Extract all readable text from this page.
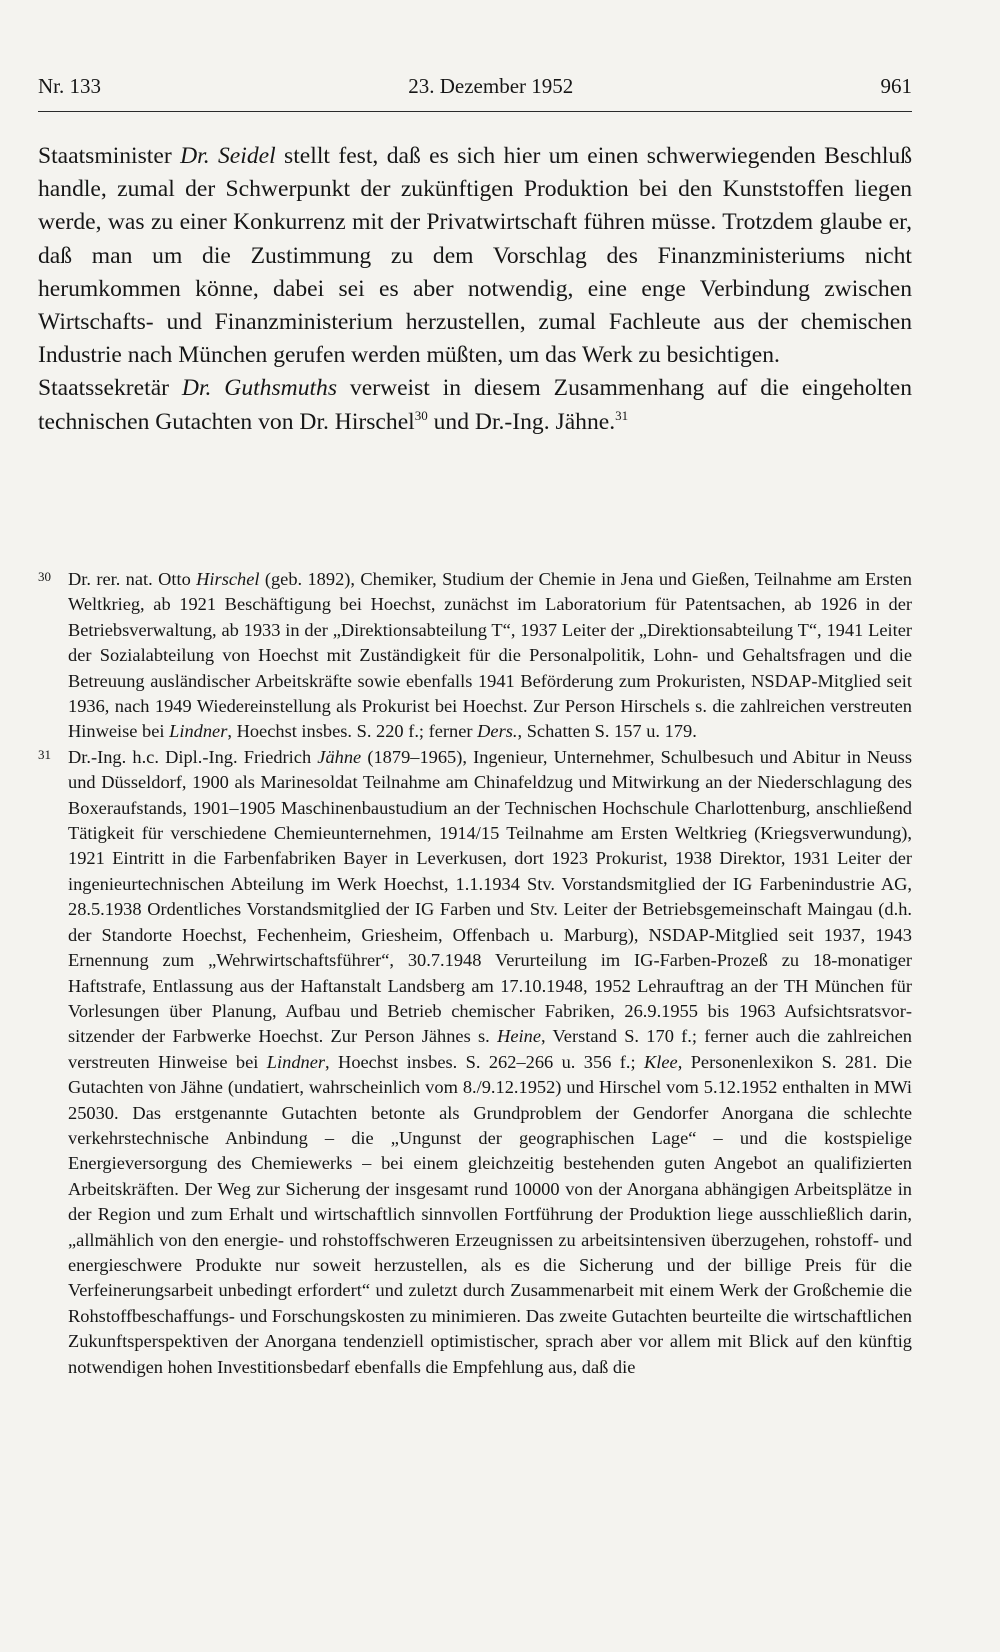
Nr. 133	23. Dezember 1952	961

Staatsminister Dr. Seidel stellt fest, daß es sich hier um einen schwerwiegenden Beschluß handle, zumal der Schwerpunkt der zukünftigen Produktion bei den Kunststoffen liegen werde, was zu einer Konkurrenz mit der Privatwirtschaft führen müsse. Trotzdem glaube er, daß man um die Zustimmung zu dem Vorschlag des Finanzministeriums nicht herumkommen könne, dabei sei es aber notwendig, eine enge Verbindung zwischen Wirtschafts- und Finanzministerium herzustellen, zumal Fachleute aus der chemischen Industrie nach München gerufen werden müßten, um das Werk zu besichtigen.

Staatssekretär Dr. Guthsmuths verweist in diesem Zusammenhang auf die eingeholten technischen Gutachten von Dr. Hirschel$^{30}$ und Dr.-Ing. Jähne.$^{31}$

30 Dr. rer. nat. Otto Hirschel (geb. 1892), Chemiker, Studium der Chemie in Jena und Gießen, Teilnahme am Ersten Weltkrieg, ab 1921 Beschäftigung bei Hoechst, zunächst im Laboratorium für Patentsachen, ab 1926 in der Betriebsverwaltung, ab 1933 in der „Direktionsabteilung T“, 1937 Leiter der „Direktionsabteilung T“, 1941 Leiter der Sozialabteilung von Hoechst mit Zuständigkeit für die Personalpolitik, Lohn- und Gehaltsfragen und die Betreuung ausländischer Arbeitskräfte sowie ebenfalls 1941 Beförderung zum Prokuristen, NSDAP-Mitglied seit 1936, nach 1949 Wiedereinstellung als Prokurist bei Hoechst. Zur Person Hirschels s. die zahlreichen verstreuten Hinweise bei Lindner, Hoechst insbes. S. 220 f.; ferner Ders., Schatten S. 157 u. 179.
31 Dr.-Ing. h.c. Dipl.-Ing. Friedrich Jähne (1879–1965), Ingenieur, Unternehmer, Schulbesuch und Abitur in Neuss und Düsseldorf, 1900 als Marinesoldat Teilnahme am Chinafeldzug und Mitwirkung an der Niederschlagung des Boxeraufstands, 1901–1905 Maschinenbaustudium an der Technischen Hochschule Charlottenburg, anschließend Tätigkeit für verschiedene Chemieunternehmen, 1914/15 Teilnahme am Ersten Weltkrieg (Kriegsverwundung), 1921 Eintritt in die Farbenfabriken Bayer in Leverkusen, dort 1923 Prokurist, 1938 Direktor, 1931 Leiter der ingenieurtechnischen Abteilung im Werk Hoechst, 1.1.1934 Stv. Vorstandsmitglied der IG Farbenindustrie AG, 28.5.1938 Ordentliches Vorstandsmitglied der IG Farben und Stv. Leiter der Betriebsgemeinschaft Maingau (d.h. der Standorte Hoechst, Fechenheim, Griesheim, Offenbach u. Marburg), NSDAP-Mitglied seit 1937, 1943 Ernennung zum „Wehrwirtschaftsführer“, 30.7.1948 Verurteilung im IG-Farben-Prozeß zu 18-monatiger Haftstrafe, Entlassung aus der Haftanstalt Landsberg am 17.10.1948, 1952 Lehrauftrag an der TH München für Vorlesungen über Planung, Aufbau und Betrieb chemischer Fabriken, 26.9.1955 bis 1963 Aufsichtsratsvorsitzender der Farbwerke Hoechst. Zur Person Jähnes s. Heine, Verstand S. 170 f.; ferner auch die zahlreichen verstreuten Hinweise bei Lindner, Hoechst insbes. S. 262–266 u. 356 f.; Klee, Personenlexikon S. 281. Die Gutachten von Jähne (undatiert, wahrscheinlich vom 8./9.12.1952) und Hirschel vom 5.12.1952 enthalten in MWi 25030. Das erstgenannte Gutachten betonte als Grundproblem der Gendorfer Anorgana die schlechte verkehrstechnische Anbindung – die „Ungunst der geographischen Lage“ – und die kostspielige Energieversorgung des Chemiewerks – bei einem gleichzeitig bestehenden guten Angebot an qualifizierten Arbeitskräften. Der Weg zur Sicherung der insgesamt rund 10000 von der Anorgana abhängigen Arbeitsplätze in der Region und zum Erhalt und wirtschaftlich sinnvollen Fortführung der Produktion liege ausschließlich darin, „allmählich von den energie- und rohstoffschweren Erzeugnissen zu arbeitsintensiven überzugehen, rohstoff- und energieschwere Produkte nur soweit herzustellen, als es die Sicherung und der billige Preis für die Verfeinerungsarbeit unbedingt erfordert“ und zuletzt durch Zusammenarbeit mit einem Werk der Großchemie die Rohstoffbeschaffungs- und Forschungskosten zu minimieren. Das zweite Gutachten beurteilte die wirtschaftlichen Zukunftsperspektiven der Anorgana tendenziell optimistischer, sprach aber vor allem mit Blick auf den künftig notwendigen hohen Investitionsbedarf ebenfalls die Empfehlung aus, daß die
